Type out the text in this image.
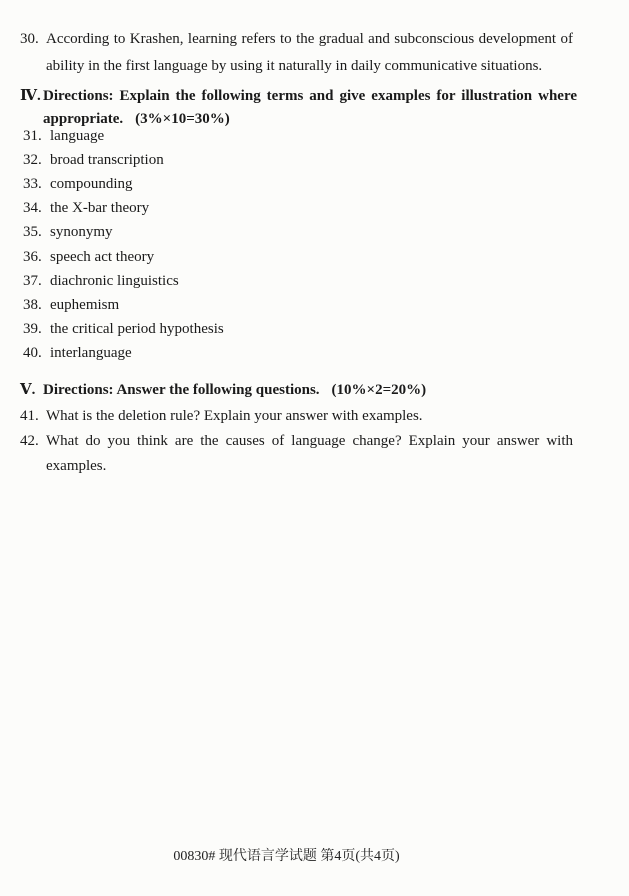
30. According to Krashen, learning refers to the gradual and subconscious development of ability in the first language by using it naturally in daily communicative situations.
Ⅳ. Directions: Explain the following terms and give examples for illustration where appropriate. (3%×10=30%)
31. language
32. broad transcription
33. compounding
34. the X-bar theory
35. synonymy
36. speech act theory
37. diachronic linguistics
38. euphemism
39. the critical period hypothesis
40. interlanguage
Ⅴ. Directions: Answer the following questions. (10%×2=20%)
41. What is the deletion rule? Explain your answer with examples.
42. What do you think are the causes of language change? Explain your answer with examples.
00830# 现代语言学试题 第4页(共4页)
